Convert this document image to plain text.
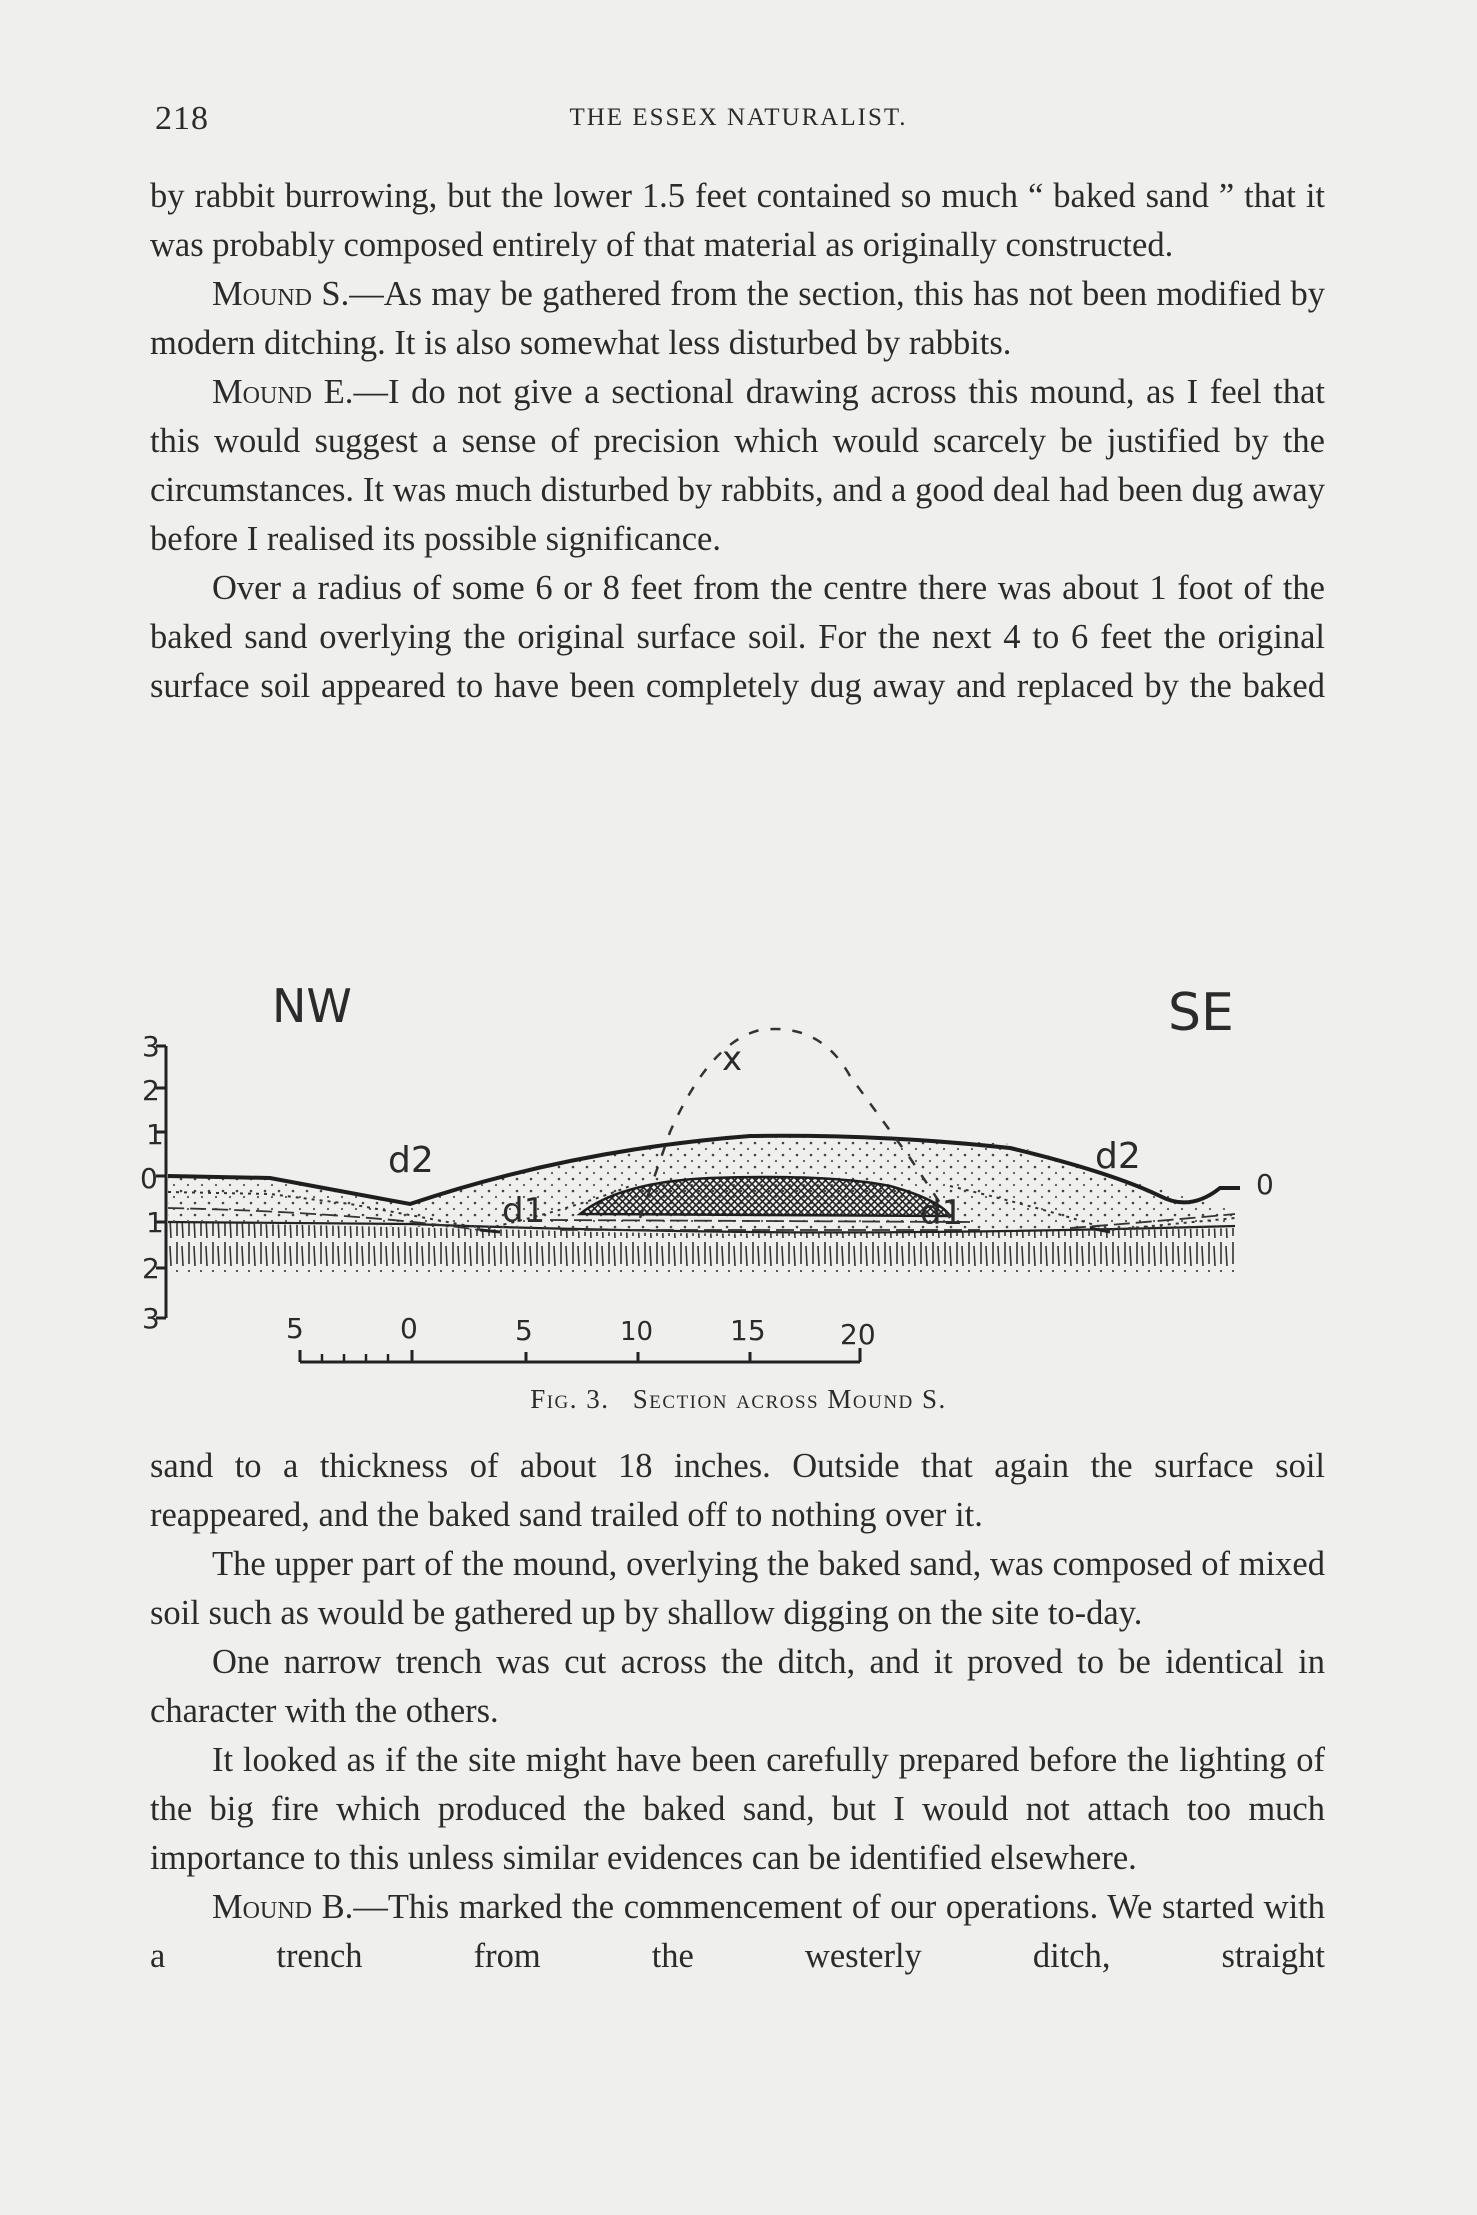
218	THE ESSEX NATURALIST.

by rabbit burrowing, but the lower 1.5 feet contained so much “ baked sand ” that it was probably composed entirely of that material as originally constructed.

Mound S.—As may be gathered from the section, this has not been modified by modern ditching. It is also somewhat less disturbed by rabbits.

Mound E.—I do not give a sectional drawing across this mound, as I feel that this would suggest a sense of precision which would scarcely be justified by the circumstances. It was much disturbed by rabbits, and a good deal had been dug away before I realised its possible significance.

Over a radius of some 6 or 8 feet from the centre there was about 1 foot of the baked sand overlying the original surface soil. For the next 4 to 6 feet the original surface soil appeared to have been completely dug away and replaced by the baked

NW	SE
3
2
1
0
1
2
3
x
d2	d2
d1	d1
0
5	0	5	10	15	20
Fig. 3. Section across Mound S.

sand to a thickness of about 18 inches. Outside that again the surface soil reappeared, and the baked sand trailed off to nothing over it.

The upper part of the mound, overlying the baked sand, was composed of mixed soil such as would be gathered up by shallow digging on the site to-day.

One narrow trench was cut across the ditch, and it proved to be identical in character with the others.

It looked as if the site might have been carefully prepared before the lighting of the big fire which produced the baked sand, but I would not attach too much importance to this unless similar evidences can be identified elsewhere.

Mound B.—This marked the commencement of our operations. We started with a trench from the westerly ditch, straight
